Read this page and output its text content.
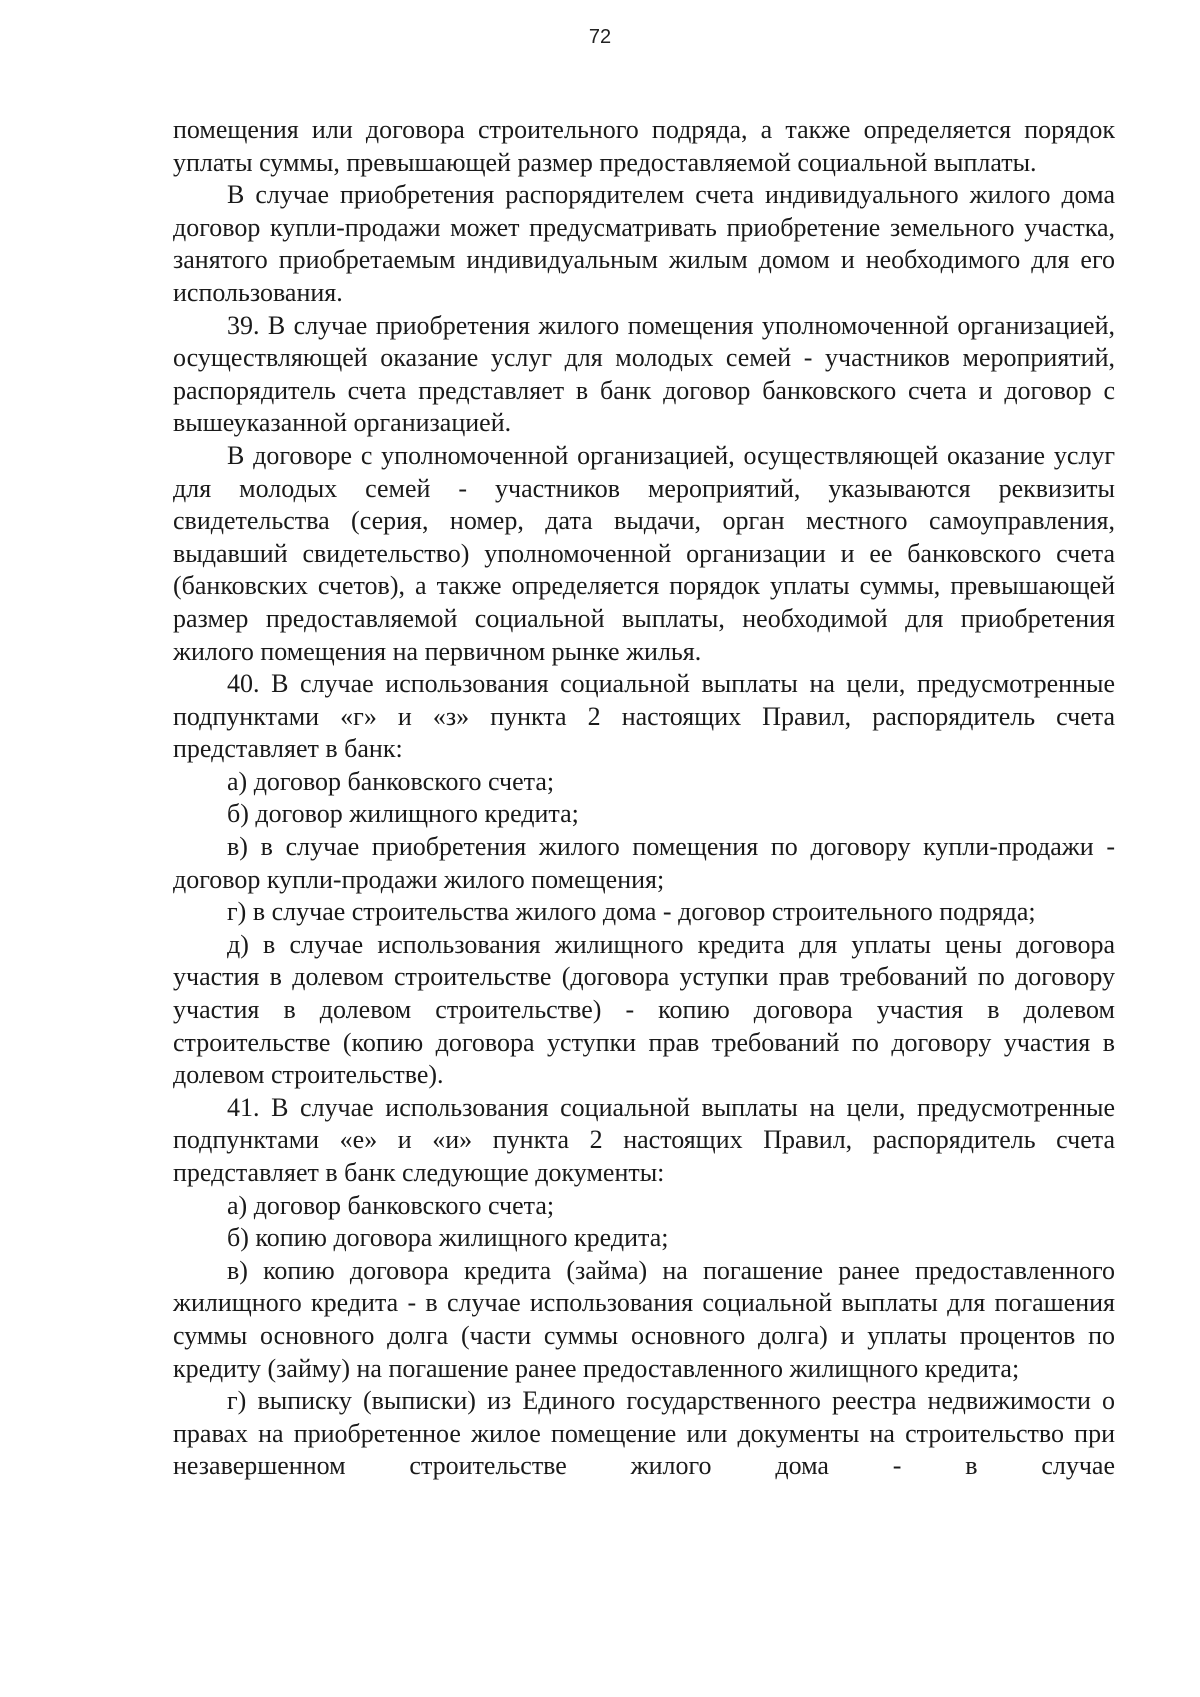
72

помещения или договора строительного подряда, а также определяется порядок уплаты суммы, превышающей размер предоставляемой социальной выплаты.

В случае приобретения распорядителем счета индивидуального жилого дома договор купли-продажи может предусматривать приобретение земельного участка, занятого приобретаемым индивидуальным жилым домом и необходимого для его использования.

39. В случае приобретения жилого помещения уполномоченной организацией, осуществляющей оказание услуг для молодых семей - участников мероприятий, распорядитель счета представляет в банк договор банковского счета и договор с вышеуказанной организацией.

В договоре с уполномоченной организацией, осуществляющей оказание услуг для молодых семей - участников мероприятий, указываются реквизиты свидетельства (серия, номер, дата выдачи, орган местного самоуправления, выдавший свидетельство) уполномоченной организации и ее банковского счета (банковских счетов), а также определяется порядок уплаты суммы, превышающей размер предоставляемой социальной выплаты, необходимой для приобретения жилого помещения на первичном рынке жилья.

40. В случае использования социальной выплаты на цели, предусмотренные подпунктами «г» и «з» пункта 2 настоящих Правил, распорядитель счета представляет в банк:

а) договор банковского счета;

б) договор жилищного кредита;

в) в случае приобретения жилого помещения по договору купли-продажи - договор купли-продажи жилого помещения;

г) в случае строительства жилого дома - договор строительного подряда;

д) в случае использования жилищного кредита для уплаты цены договора участия в долевом строительстве (договора уступки прав требований по договору участия в долевом строительстве) - копию договора участия в долевом строительстве (копию договора уступки прав требований по договору участия в долевом строительстве).

41. В случае использования социальной выплаты на цели, предусмотренные подпунктами «е» и «и» пункта 2 настоящих Правил, распорядитель счета представляет в банк следующие документы:

а) договор банковского счета;

б) копию договора жилищного кредита;

в) копию договора кредита (займа) на погашение ранее предоставленного жилищного кредита - в случае использования социальной выплаты для погашения суммы основного долга (части суммы основного долга) и уплаты процентов по кредиту (займу) на погашение ранее предоставленного жилищного кредита;

г) выписку (выписки) из Единого государственного реестра недвижимости о правах на приобретенное жилое помещение или документы на строительство при незавершенном строительстве жилого дома - в случае
